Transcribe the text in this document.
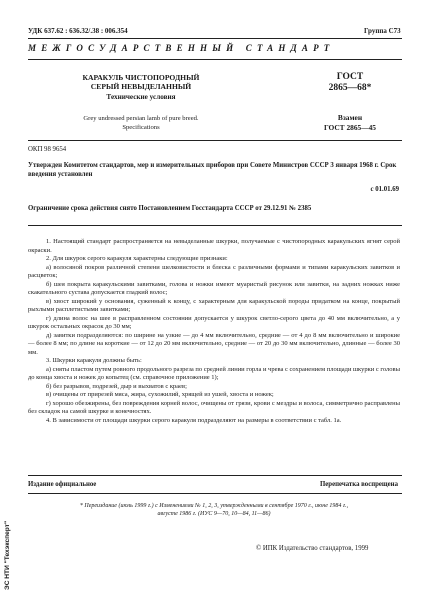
УДК 637.62 : 636.32/.38 : 006.354	Группа С73
МЕЖГОСУДАРСТВЕННЫЙ СТАНДАРТ
КАРАКУЛЬ ЧИСТОПОРОДНЫЙ
СЕРЫЙ НЕВЫДЕЛАННЫЙ
Технические условия
Grey undressed persian lamb of pure breed.
Specifications
ГОСТ
2865—68*
Взамен
ГОСТ 2865—45
ОКП 98 9654
Утвержден Комитетом стандартов, мер и измерительных приборов при Совете Министров СССР 3 января 1968 г. Срок введения установлен
с 01.01.69
Ограничение срока действия снято Постановлением Госстандарта СССР от 29.12.91 № 2385

1. Настоящий стандарт распространяется на невыделанные шкурки, получаемые с чистопородных каракульских ягнят серой окраски.

2. Для шкурок серого каракуля характерны следующие признаки:

а) волосяной покров различной степени шелковистости и блеска с различными формами и типами каракульских завитков и расцветок;

б) шея покрыта каракульскими завитками, голова и ножки имеют муаристый рисунок или завитки, на задних ножках ниже скакательного сустава допускается гладкий волос;

в) хвост широкий у основания, суженный к концу, с характерным для каракульской породы придатком на конце, покрытый рыхлыми расплетистыми завитками;

г) длина волос на шее в расправленном состоянии допускается у шкурок светло-серого цвета до 40 мм включительно, а у шкурок остальных окрасок до 30 мм;

д) завитки подразделяются: по ширине на узкие — до 4 мм включительно, средние — от 4 до 8 мм включительно и широкие — более 8 мм; по длине на короткие — от 12 до 20 мм включительно, средние — от 20 до 30 мм включительно, длинные — более 30 мм.

3. Шкурки каракуля должны быть:

а) сняты пластом путем ровного продольного разреза по средней линии горла и чрева с сохранением площади шкурки с головы до конца хвоста и ножек до копытец (см. справочное приложение 1);

б) без разрывов, подрезей, дыр и выхватов с краев;

в) очищены от прирезей мяса, жира, сухожилий, хрящей из ушей, хвоста и ножек;

г) хорошо обезжирены, без повреждения корней волос, очищены от грязи, крови с мездры и волоса, симметрично расправлены без складок на самой шкурке и конечностях.

4. В зависимости от площади шкурки серого каракуля подразделяют на размеры в соответствии с табл. 1а.

Издание официальное	Перепечатка воспрещена
* Переиздание (июль 1999 г.) с Изменениями № 1, 2, 3, утвержденными в сентябре 1970 г., июне 1984 г.,
августе 1986 г. (ИУС 9—70, 10—84, 11—86)
© ИПК Издательство стандартов, 1999
ЭС НТИ "Техэксперт"
